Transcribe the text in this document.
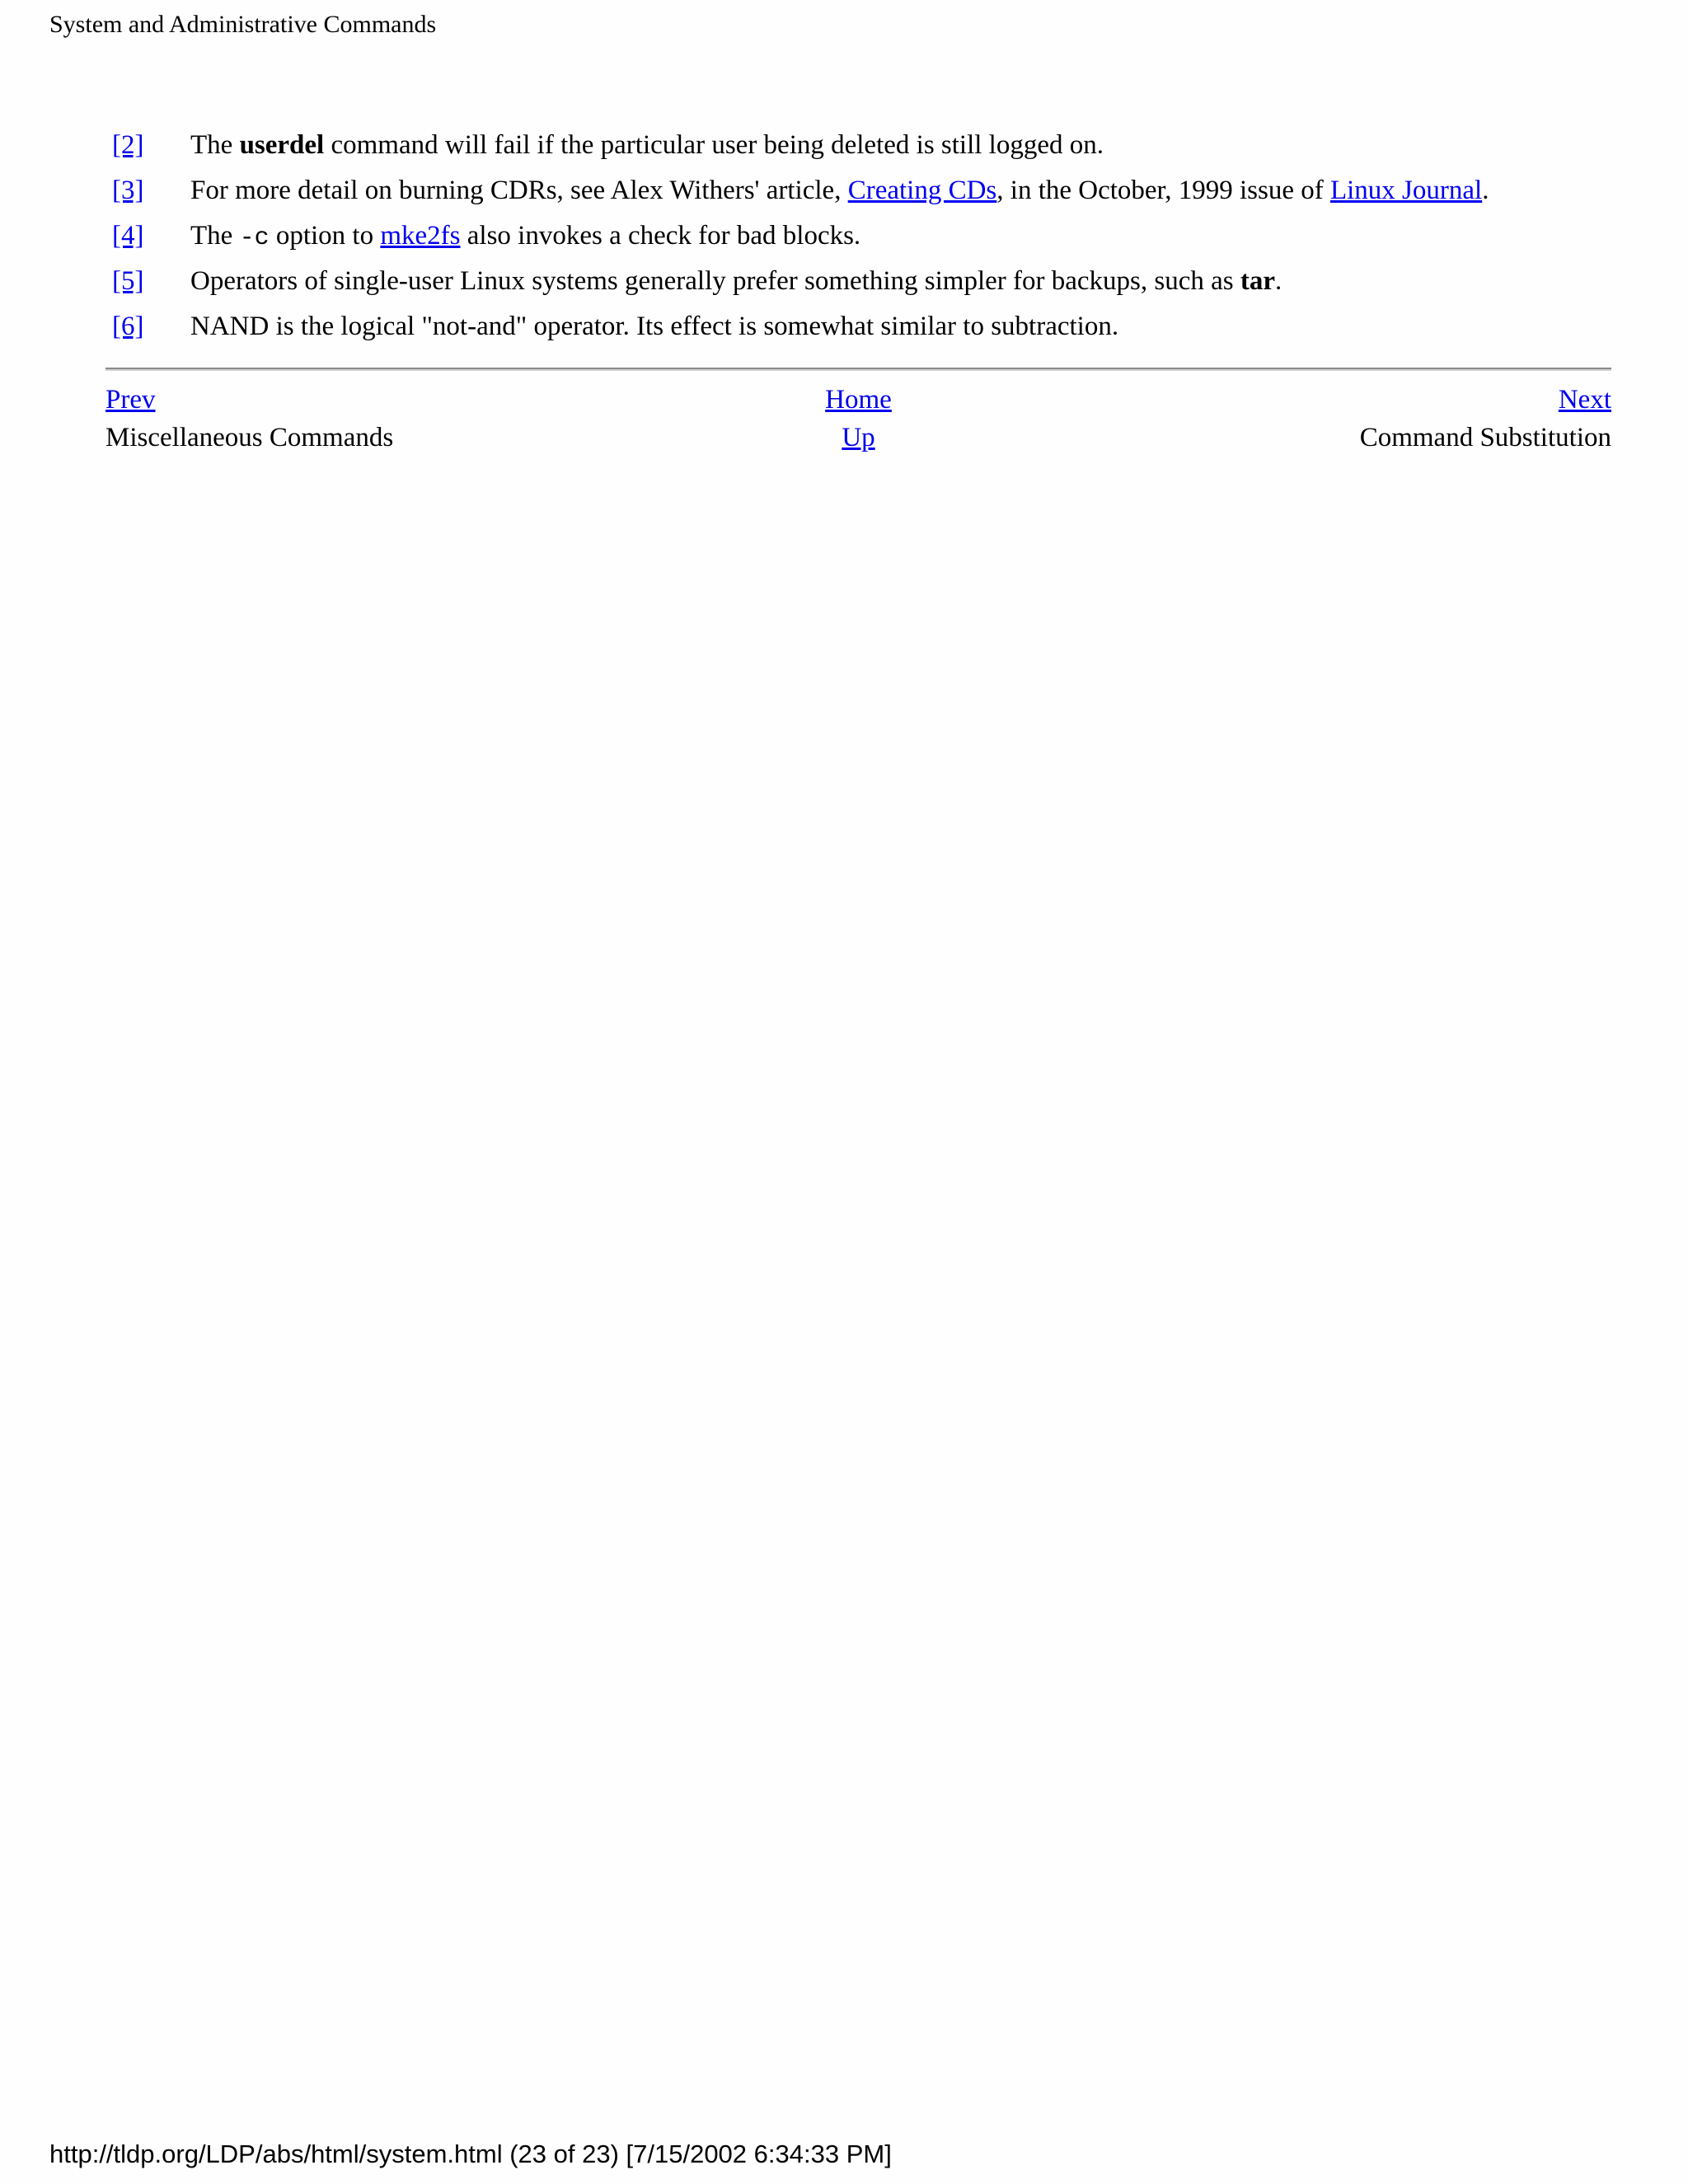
System and Administrative Commands
[2] The userdel command will fail if the particular user being deleted is still logged on.
[3] For more detail on burning CDRs, see Alex Withers' article, Creating CDs, in the October, 1999 issue of Linux Journal.
[4] The -c option to mke2fs also invokes a check for bad blocks.
[5] Operators of single-user Linux systems generally prefer something simpler for backups, such as tar.
[6] NAND is the logical "not-and" operator. Its effect is somewhat similar to subtraction.
Prev	Home	Next
Miscellaneous Commands	Up	Command Substitution
http://tldp.org/LDP/abs/html/system.html (23 of 23) [7/15/2002 6:34:33 PM]
